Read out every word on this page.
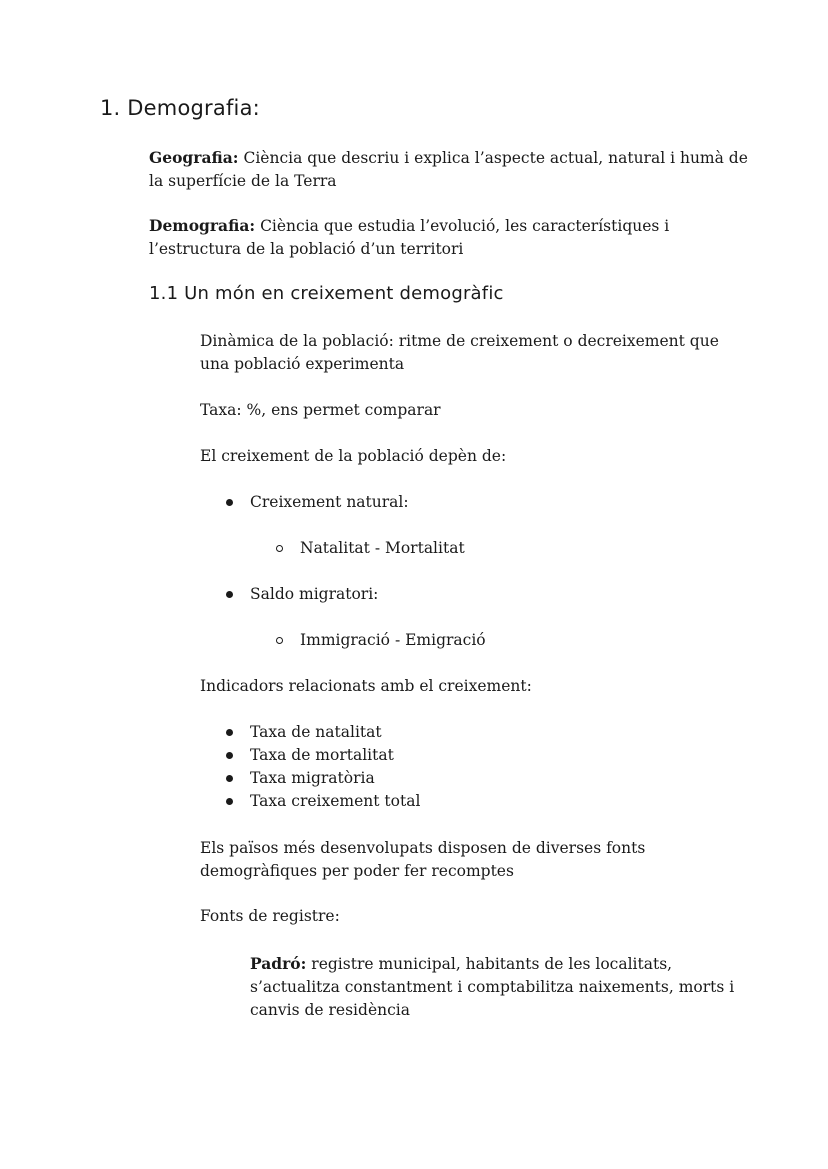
1. Demografia:

Geografia: Ciència que descriu i explica l’aspecte actual, natural i humà de
la superfície de la Terra

Demografia: Ciència que estudia l’evolució, les característiques i
l’estructura de la població d’un territori

1.1 Un món en creixement demogràfic

Dinàmica de la població: ritme de creixement o decreixement que
una població experimenta

Taxa: %, ens permet comparar

El creixement de la població depèn de:

Creixement natural:

Natalitat - Mortalitat

Saldo migratori:

Immigració - Emigració

Indicadors relacionats amb el creixement:

Taxa de natalitat

Taxa de mortalitat

Taxa migratòria

Taxa creixement total

Els països més desenvolupats disposen de diverses fonts
demogràfiques per poder fer recomptes

Fonts de registre:

Padró: registre municipal, habitants de les localitats,
s’actualitza constantment i comptabilitza naixements, morts i
canvis de residència
